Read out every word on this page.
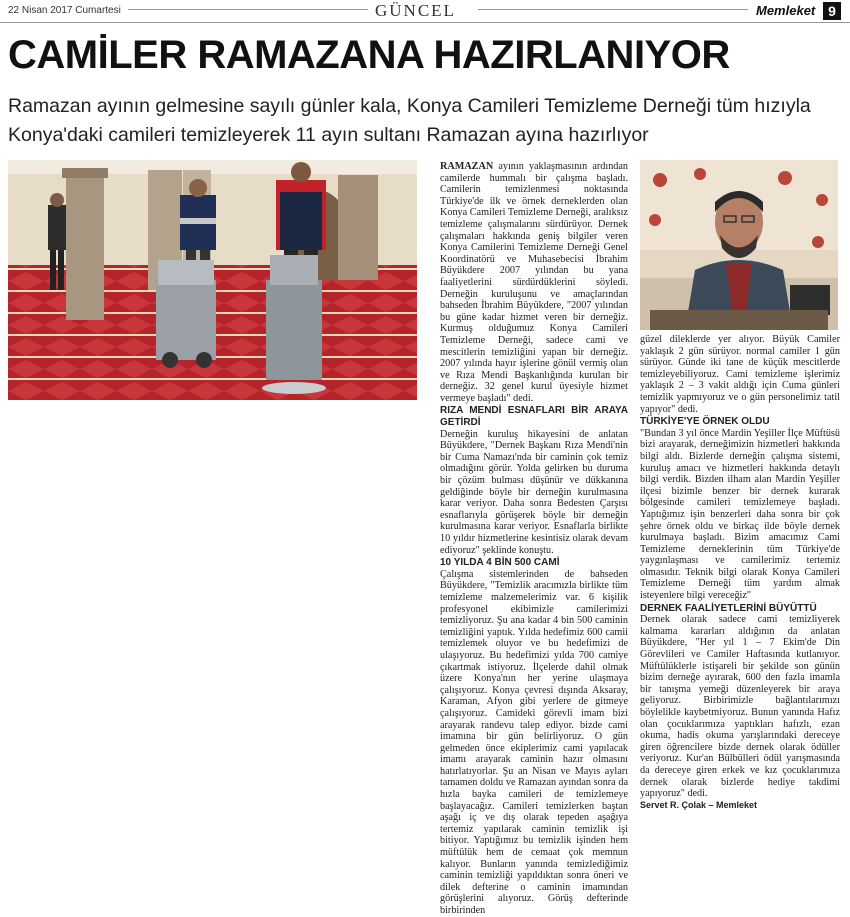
22 Nisan 2017 Cumartesi	GÜNCEL	Memleket 9
CAMİLER RAMAZANA HAZIRLANIYOR
Ramazan ayının gelmesine sayılı günler kala, Konya Camileri Temizleme Derneği tüm hızıyla Konya'daki camileri temizleyerek 11 ayın sultanı Ramazan ayına hazırlıyor

RAMAZAN ayının yaklaşmasının ardından camilerde hummalı bir çalışma başladı. Camilerin temizlenmesi noktasında Türkiye'de ilk ve örnek derneklerden olan Konya Camileri Temizleme Derneği, aralıksız temizleme çalışmalarını sürdürüyor. Dernek çalışmaları hakkında geniş bilgiler veren Konya Camilerini Temizleme Derneği Genel Koordinatörü ve Muhasebecisi İbrahim Büyükdere 2007 yılından bu yana faaliyetlerini sürdürdüklerini söyledi. Derneğin kuruluşunu ve amaçlarından bahseden İbrahim Büyükdere, "2007 yılından bu güne kadar hizmet veren bir derneğiz. Kurmuş olduğumuz Konya Camileri Temizleme Derneği, sadece cami ve mescitlerin temizliğini yapan bir derneğiz. 2007 yılında hayır işlerine gönül vermiş olan ve Rıza Mendi Başkanlığında kurulan bir derneğiz. 32 genel kurul üyesiyle hizmet vermeye başladı" dedi.

RIZA MENDİ ESNAFLARI BİR ARAYA GETİRDİ

Derneğin kuruluş hikayesini de anlatan Büyükdere, "Dernek Başkanı Rıza Mendi'nin bir Cuma Namazı'nda bir caminin çok temiz olmadığını görür. Yolda gelirken bu duruma bir çözüm bulması düşünür ve dükkanına geldiğinde böyle bir derneğin kurulmasına karar veriyor. Daha sonra Bedesten Çarşısı esnaflarıyla görüşerek böyle bir derneğin kurulmasına karar veriyor. Esnaflarla birlikte 10 yıldır hizmetlerine kesintisiz olarak devam ediyoruz" şeklinde konuştu.

10 YILDA 4 BİN 500 CAMİ

Çalışma sistemlerinden de bahseden Büyükdere, "Temizlik aracımızla birlikte tüm temizleme malzemelerimiz var. 6 kişilik profesyonel ekibimizle camilerimizi temizliyoruz. Şu ana kadar 4 bin 500 caminin temizliğini yaptık. Yılda hedefimiz 600 camii temizlemek oluyor ve bu hedefimizi de ulaşıyoruz. Bu hedefimizi yılda 700 camiye çıkartmak istiyoruz. İlçelerde dahil olmak üzere Konya'nın her yerine ulaşmaya çalışıyoruz. Konya çevresi dışında Aksaray, Karaman, Afyon gibi yerlere de gitmeye çalışıyoruz. Camideki görevli imam bizi arayarak randevu talep ediyor. bizde cami imamına bir gün belirliyoruz. O gün gelmeden önce ekiplerimiz cami yapılacak imamı arayarak caminin hazır olmasını hatırlatıyorlar. Şu an Nisan ve Mayıs ayları tamamen doldu ve Ramazan ayından sonra da hızla bayka camileri de temizlemeye başlayacağız. Camileri temizlerken baştan aşağı iç ve dış olarak tepeden aşağıya tertemiz yapılarak caminin temizlik işi bitiyor. Yaptığımız bu temizlik işinden hem müftülük hem de cemaat çok memnun kalıyor. Bunların yanında temizlediğimiz caminin temizliği yapıldıktan sonra öneri ve dilek defterine o caminin imamından görüşlerini alıyoruz. Görüş defterinde birbirinden

güzel dileklerde yer alıyor. Büyük Camiler yaklaşık 2 gün sürüyor. normal camiler 1 gün sürüyor. Günde iki tane de küçük mescitlerde temizleyebiliyoruz. Cami temizleme işlerimiz yaklaşık 2 – 3 vakit aldığı için Cuma günleri temizlik yapmıyoruz ve o gün personelimiz tatil yapıyor" dedi.

TÜRKİYE'YE ÖRNEK OLDU

"Bundan 3 yıl önce Mardin Yeşiller İlçe Müftüsü bizi arayarak, derneğimizin hizmetleri hakkında bilgi aldı. Bizlerde derneğin çalışma sistemi, kuruluş amacı ve hizmetleri hakkında detaylı bilgi verdik. Bizden ilham alan Mardin Yeşiller ilçesi bizimle benzer bir dernek kurarak bölgesinde camileri temizlemeye başladı. Yaptığımız işin benzerleri daha sonra bir çok şehre örnek oldu ve birkaç ilde böyle dernek kurulmaya başladı. Bizim amacımız Cami Temizleme derneklerinin tüm Türkiye'de yaygınlaşması ve camilerimiz tertemiz olmasıdır. Teknik bilgi olarak Konya Camileri Temizleme Derneği tüm yardım almak isteyenlere bilgi vereceğiz"

DERNEK FAALİYETLERİNİ BÜYÜTTÜ

Dernek olarak sadece cami temizliyerek kalmama kararları aldığının da anlatan Büyükdere, "Her yıl 1 – 7 Ekim'de Din Görevlileri ve Camiler Haftasında kutlanıyor. Müftülüklerle istişareli bir şekilde son günün bizim derneğe ayırarak, 600 den fazla imamla bir tanışma yemeği düzenleyerek bir araya geliyoruz. Birbirimizle bağlantılarımızı böylelikle kaybetmiyoruz. Bunun yanında Hafız olan çocuklarımıza yaptıkları hafızlı, ezan okuma, hadis okuma yarışlarındaki dereceye giren öğrencilere bizde dernek olarak ödüller veriyoruz. Kur'an Bülbülleri ödül yarışmasında da dereceye giren erkek ve kız çocuklarımıza dernek olarak bizlerde hediye takdimi yapıyoruz" dedi.

Servet R. Çolak – Memleket
